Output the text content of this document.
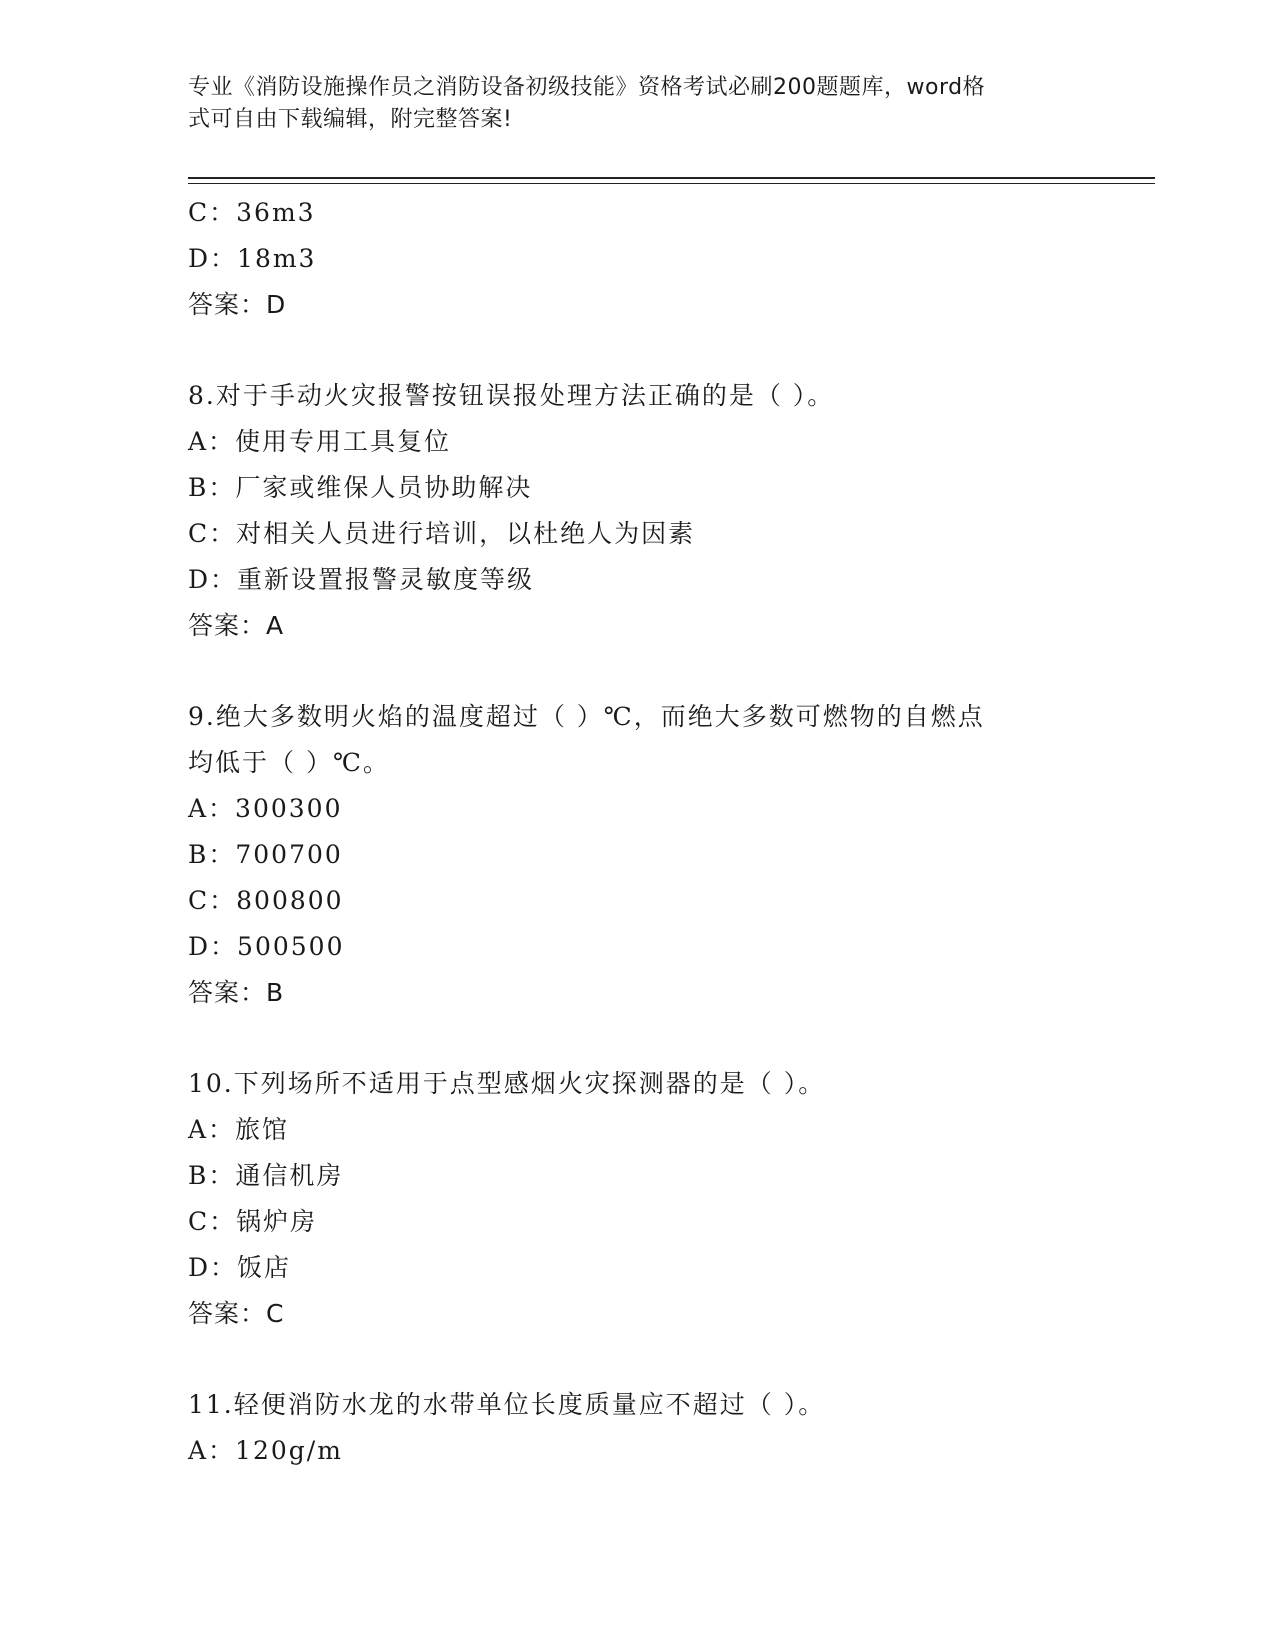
专业《消防设施操作员之消防设备初级技能》资格考试必刷200题题库，word格
式可自由下载编辑，附完整答案!
C：36m3
D：18m3
答案：D
8.对于手动火灾报警按钮误报处理方法正确的是（ ）。
A：使用专用工具复位
B：厂家或维保人员协助解决
C：对相关人员进行培训，以杜绝人为因素
D：重新设置报警灵敏度等级
答案：A
9.绝大多数明火焰的温度超过（ ）℃，而绝大多数可燃物的自燃点
均低于（ ）℃。
A：300300
B：700700
C：800800
D：500500
答案：B
10.下列场所不适用于点型感烟火灾探测器的是（ ）。
A：旅馆
B：通信机房
C：锅炉房
D：饭店
答案：C
11.轻便消防水龙的水带单位长度质量应不超过（ ）。
A：120g/m
